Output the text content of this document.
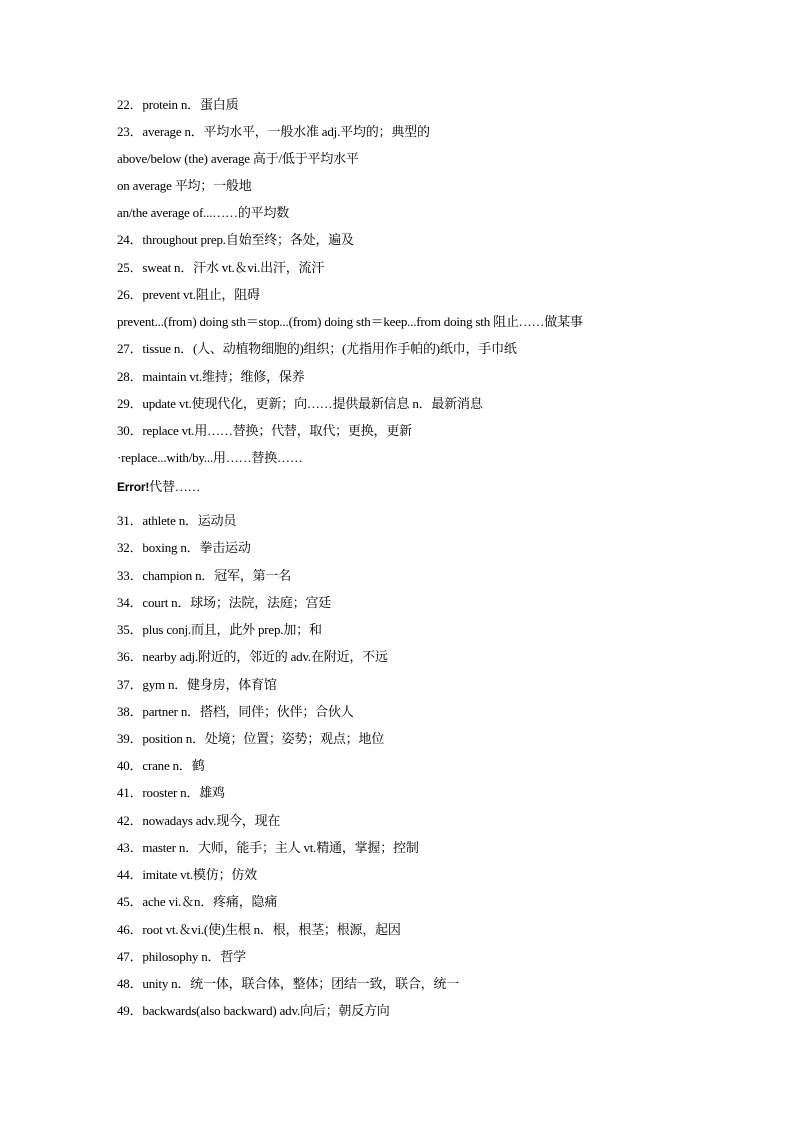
22．protein n．蛋白质
23．average n．平均水平，一般水准 adj.平均的；典型的
above/below (the) average 高于/低于平均水平
on average 平均；一般地
an/the average of...……的平均数
24．throughout prep.自始至终；各处，遍及
25．sweat n．汗水 vt.＆vi.出汗，流汗
26．prevent vt.阻止，阻碍
prevent...(from) doing sth＝stop...(from) doing sth＝keep...from doing sth 阻止……做某事
27．tissue n．(人、动植物细胞的)组织；(尤指用作手帕的)纸巾，手巾纸
28．maintain vt.维持；维修，保养
29．update vt.使现代化，更新；向……提供最新信息 n．最新消息
30．replace vt.用……替换；代替，取代；更换，更新
·replace...with/by...用……替换……
Error!代替……
31．athlete n．运动员
32．boxing n．拳击运动
33．champion n．冠军，第一名
34．court n．球场；法院，法庭；宫廷
35．plus conj.而且，此外 prep.加；和
36．nearby adj.附近的，邻近的 adv.在附近，不远
37．gym n．健身房，体育馆
38．partner n．搭档，同伴；伙伴；合伙人
39．position n．处境；位置；姿势；观点；地位
40．crane n．鹤
41．rooster n．雄鸡
42．nowadays adv.现今，现在
43．master n．大师，能手；主人 vt.精通，掌握；控制
44．imitate vt.模仿；仿效
45．ache vi.＆n．疼痛，隐痛
46．root vt.＆vi.(使)生根 n．根，根茎；根源，起因
47．philosophy n．哲学
48．unity n．统一体，联合体，整体；团结一致，联合，统一
49．backwards(also backward) adv.向后；朝反方向
